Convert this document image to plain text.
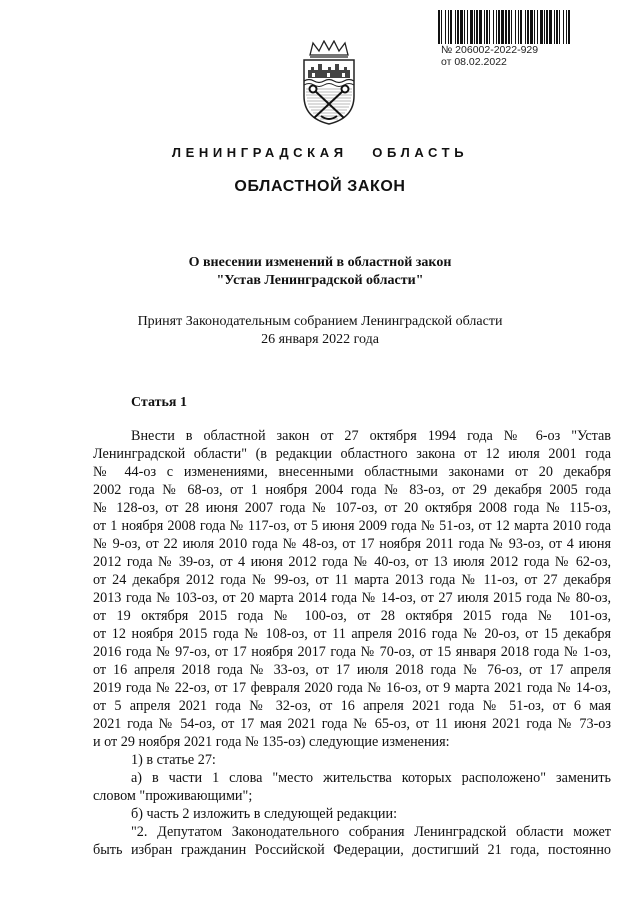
№ 206002-2022-929
от 08.02.2022
ЛЕНИНГРАДСКАЯ   ОБЛАСТЬ
ОБЛАСТНОЙ ЗАКОН
О внесении изменений в областной закон
"Устав Ленинградской области"
Принят Законодательным собранием Ленинградской области
26 января 2022 года
Статья 1
Внести в областной закон от 27 октября 1994 года № 6-оз "Устав
Ленинградской области" (в редакции областного закона от 12 июля 2001 года
№ 44-оз с изменениями, внесенными областными законами от 20 декабря
2002 года № 68-оз, от 1 ноября 2004 года № 83-оз, от 29 декабря 2005 года
№ 128-оз, от 28 июня 2007 года № 107-оз, от 20 октября 2008 года № 115-оз,
от 1 ноября 2008 года № 117-оз, от 5 июня 2009 года № 51-оз, от 12 марта 2010 года
№ 9-оз, от 22 июля 2010 года № 48-оз, от 17 ноября 2011 года № 93-оз, от 4 июня
2012 года № 39-оз, от 4 июня 2012 года № 40-оз, от 13 июля 2012 года № 62-оз,
от 24 декабря 2012 года № 99-оз, от 11 марта 2013 года № 11-оз, от 27 декабря
2013 года № 103-оз, от 20 марта 2014 года № 14-оз, от 27 июля 2015 года № 80-оз,
от 19 октября 2015 года № 100-оз, от 28 октября 2015 года № 101-оз,
от 12 ноября 2015 года № 108-оз, от 11 апреля 2016 года № 20-оз, от 15 декабря
2016 года № 97-оз, от 17 ноября 2017 года № 70-оз, от 15 января 2018 года № 1-оз,
от 16 апреля 2018 года № 33-оз, от 17 июля 2018 года № 76-оз, от 17 апреля
2019 года № 22-оз, от 17 февраля 2020 года № 16-оз, от 9 марта 2021 года № 14-оз,
от 5 апреля 2021 года № 32-оз, от 16 апреля 2021 года № 51-оз, от 6 мая
2021 года № 54-оз, от 17 мая 2021 года № 65-оз, от 11 июня 2021 года № 73-оз
и от 29 ноября 2021 года № 135-оз) следующие изменения:
1) в статье 27:
а) в части 1 слова "место жительства которых расположено" заменить
словом "проживающими";
б) часть 2 изложить в следующей редакции:
"2. Депутатом Законодательного собрания Ленинградской области может
быть избран гражданин Российской Федерации, достигший 21 года, постоянно
